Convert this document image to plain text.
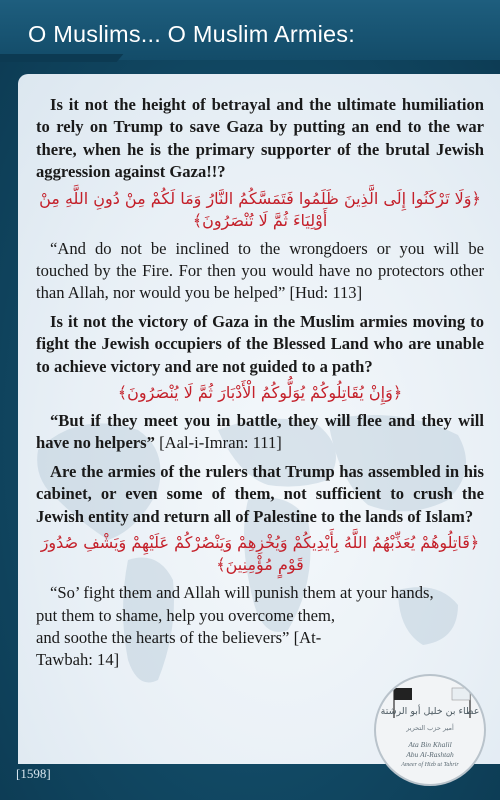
O Muslims... O Muslim Armies:

Is it not the height of betrayal and the ultimate humiliation to rely on Trump to save Gaza by putting an end to the war there, when he is the primary supporter of the brutal Jewish aggression against Gaza!!?

﴿وَلَا تَرْكَنُوا إِلَى الَّذِينَ ظَلَمُوا فَتَمَسَّكُمُ النَّارُ وَمَا لَكُمْ مِنْ دُونِ اللَّهِ مِنْ أَوْلِيَاءَ ثُمَّ لَا تُنْصَرُونَ﴾

“And do not be inclined to the wrongdoers or you will be touched by the Fire. For then you would have no protectors other than Allah, nor would you be helped” [Hud: 113]

Is it not the victory of Gaza in the Muslim armies moving to fight the Jewish occupiers of the Blessed Land who are unable to achieve victory and are not guided to a path?

﴿وَإِنْ يُقَاتِلُوكُمْ يُوَلُّوكُمُ الْأَدْبَارَ ثُمَّ لَا يُنْصَرُونَ﴾

“But if they meet you in battle, they will flee and they will have no helpers” [Aal-i-Imran: 111]

Are the armies of the rulers that Trump has assembled in his cabinet, or even some of them, not sufficient to crush the Jewish entity and return all of Palestine to the lands of Islam?

﴿قَاتِلُوهُمْ يُعَذِّبْهُمُ اللَّهُ بِأَيْدِيكُمْ وَيُخْزِهِمْ وَيَنْصُرْكُمْ عَلَيْهِمْ وَيَشْفِ صُدُورَ قَوْمٍ مُؤْمِنِينَ﴾

“So’ fight them and Allah will punish them at your hands,
put them to shame, help you overcome them,
and soothe the hearts of the believers” [At-
Tawbah: 14]

عطاء بن خليل أبو الرشتة
أمير حزب التحرير
Ata Bin Khalil
Abu Al-Rashtah
Ameer of Hizb ut Tahrir
[1598]
